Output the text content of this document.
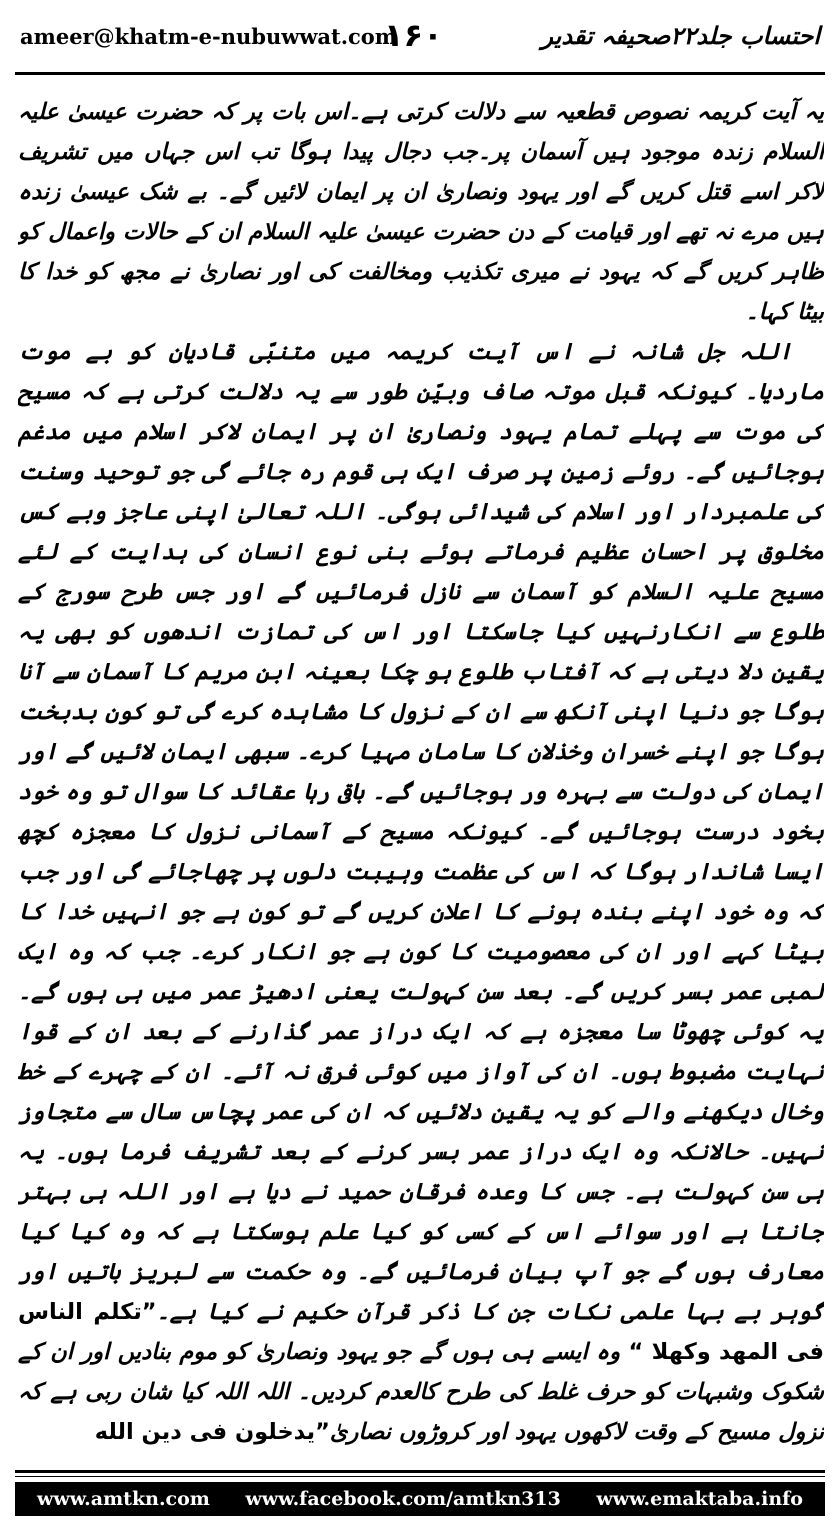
ameer@khatm-e-nubuwwat.com
۱۶۰	احتساب جلد۲۲صحیفہ تقدیر

یہ آیت کریمہ نصوص قطعیہ سے دلالت کرتی ہے۔اس بات پر کہ حضرت عیسیٰ علیہ السلام زندہ موجود ہیں آسمان پر۔جب دجال پیدا ہوگا تب اس جہاں میں تشریف لاکر اسے قتل کریں گے اور یہود ونصاریٰ ان پر ایمان لائیں گے۔ بے شک عیسیٰ زندہ ہیں مرے نہ تھے اور قیامت کے دن حضرت عیسیٰ علیہ السلام ان کے حالات واعمال کو ظاہر کریں گے کہ یہود نے میری تکذیب ومخالفت کی اور نصاریٰ نے مجھ کو خدا کا بیٹا کہا۔

اللہ جل شانہ نے اس آیت کریمہ میں متنبّی قادیان کو بے موت ماردیا۔ کیونکہ قبل موتہ صاف وبیّن طور سے یہ دلالت کرتی ہے کہ مسیح کی موت سے پہلے تمام یہود ونصاریٰ ان پر ایمان لاکر اسلام میں مدغم ہوجائیں گے۔ روئے زمین پر صرف ایک ہی قوم رہ جائے گی جو توحید وسنت کی علمبردار اور اسلام کی شیدائی ہوگی۔ اللہ تعالیٰ اپنی عاجز وبے کس مخلوق پر احسان عظیم فرماتے ہوئے بنی نوع انسان کی ہدایت کے لئے مسیح علیہ السلام کو آسمان سے نازل فرمائیں گے اور جس طرح سورج کے طلوع سے انکارنہیں کیا جاسکتا اور اس کی تمازت اندھوں کو بھی یہ یقین دلا دیتی ہے کہ آفتاب طلوع ہو چکا بعینہ ابن مریم کا آسمان سے آنا ہوگا جو دنیا اپنی آنکھ سے ان کے نزول کا مشاہدہ کرے گی تو کون بدبخت ہوگا جو اپنے خسران وخذلان کا سامان مہیا کرے۔ سبھی ایمان لائیں گے اور ایمان کی دولت سے بہرہ ور ہوجائیں گے۔ باقی رہا عقائد کا سوال تو وہ خود بخود درست ہوجائیں گے۔ کیونکہ مسیح کے آسمانی نزول کا معجزہ کچھ ایسا شاندار ہوگا کہ اس کی عظمت وہیبت دلوں پر چھاجائے گی اور جب کہ وہ خود اپنے بندہ ہونے کا اعلان کریں گے تو کون ہے جو انہیں خدا کا بیٹا کہے اور ان کی معصومیت کا کون ہے جو انکار کرے۔ جب کہ وہ ایک لمبی عمر بسر کریں گے۔ بعد سن کہولت یعنی ادھیڑ عمر میں ہی ہوں گے۔ یہ کوئی چھوٹا سا معجزہ ہے کہ ایک دراز عمر گذارنے کے بعد ان کے قوا نہایت مضبوط ہوں۔ ان کی آواز میں کوئی فرق نہ آئے۔ ان کے چہرے کے خط وخال دیکھنے والے کو یہ یقین دلائیں کہ ان کی عمر پچاس سال سے متجاوز نہیں۔ حالانکہ وہ ایک دراز عمر بسر کرنے کے بعد تشریف فرما ہوں۔ یہ ہی سن کہولت ہے۔ جس کا وعدہ فرقان حمید نے دیا ہے اور اللہ ہی بہتر جانتا ہے اور سوائے اس کے کسی کو کیا علم ہوسکتا ہے کہ وہ کیا کیا معارف ہوں گے جو آپ بیان فرمائیں گے۔ وہ حکمت سے لبریز باتیں اور گوہر بے بہا علمی نکات جن کا ذکر قرآن حکیم نے کیا ہے۔”تکلم الناس فی المهد وكهلا “ وہ ایسے ہی ہوں گے جو یہود ونصاریٰ کو موم بنادیں اور ان کے شکوک وشبہات کو حرف غلط کی طرح کالعدم کردیں۔ اللہ اللہ کیا شان ربی ہے کہ نزول مسیح کے وقت لاکھوں یہود اور کروڑوں نصاریٰ”یدخلون فی دین الله

www.amtkn.com www.facebook.com/amtkn313 www.emaktaba.info
